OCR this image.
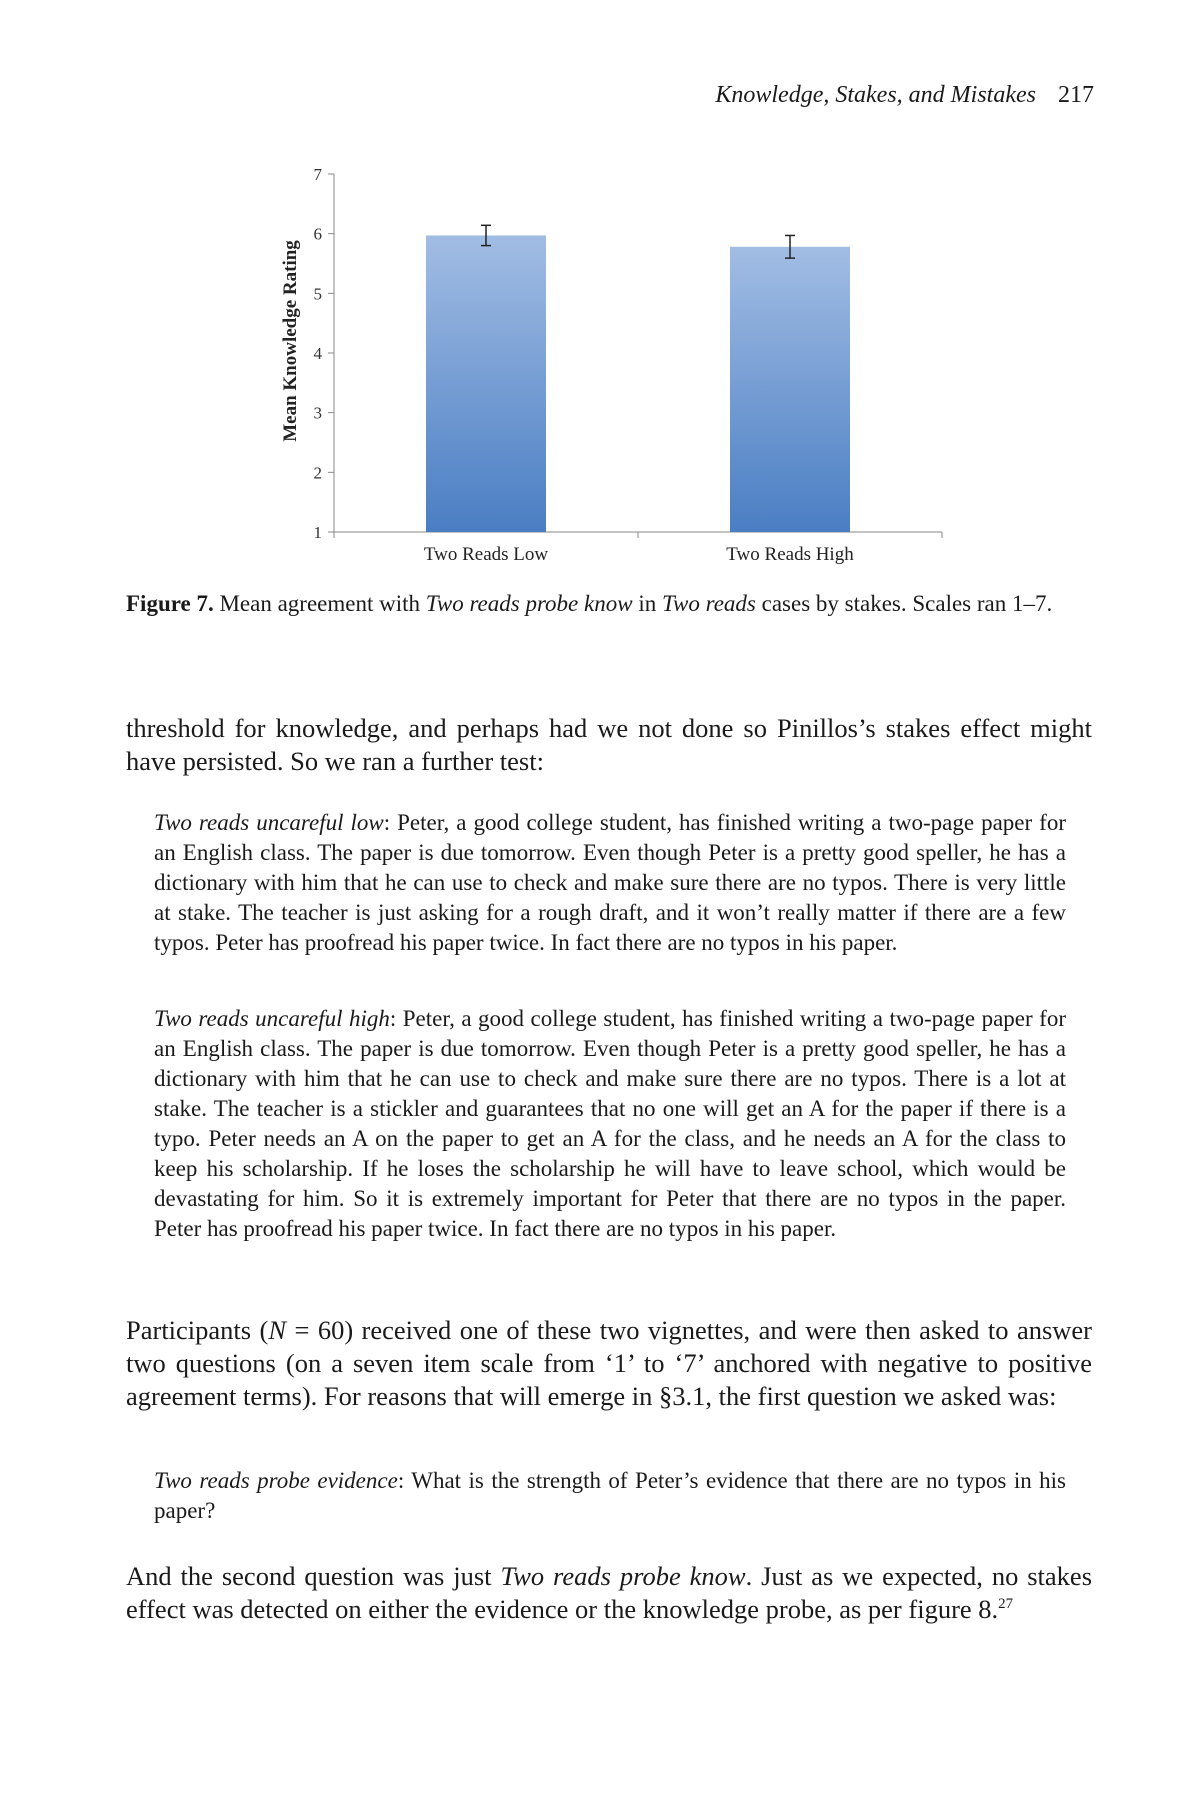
Knowledge, Stakes, and Mistakes 217
Mean Knowledge Rating
1
2
3
4
5
6
7
Two Reads Low	Two Reads High
Figure 7. Mean agreement with Two reads probe know in Two reads cases by stakes. Scales ran 1–7.

threshold for knowledge, and perhaps had we not done so Pinillos’s stakes effect might have persisted. So we ran a further test:

Two reads uncareful low: Peter, a good college student, has finished writing a two-page paper for an English class. The paper is due tomorrow. Even though Peter is a pretty good speller, he has a dictionary with him that he can use to check and make sure there are no typos. There is very little at stake. The teacher is just asking for a rough draft, and it won’t really matter if there are a few typos. Peter has proofread his paper twice. In fact there are no typos in his paper.

Two reads uncareful high: Peter, a good college student, has finished writing a two-page paper for an English class. The paper is due tomorrow. Even though Peter is a pretty good speller, he has a dictionary with him that he can use to check and make sure there are no typos. There is a lot at stake. The teacher is a stickler and guarantees that no one will get an A for the paper if there is a typo. Peter needs an A on the paper to get an A for the class, and he needs an A for the class to keep his scholarship. If he loses the scholarship he will have to leave school, which would be devastating for him. So it is extremely important for Peter that there are no typos in the paper. Peter has proofread his paper twice. In fact there are no typos in his paper.

Participants (N = 60) received one of these two vignettes, and were then asked to answer two questions (on a seven item scale from ‘1’ to ‘7’ anchored with negative to positive agreement terms). For reasons that will emerge in §3.1, the first question we asked was:

Two reads probe evidence: What is the strength of Peter’s evidence that there are no typos in his paper?

And the second question was just Two reads probe know. Just as we expected, no stakes effect was detected on either the evidence or the knowledge probe, as per figure 8.27
